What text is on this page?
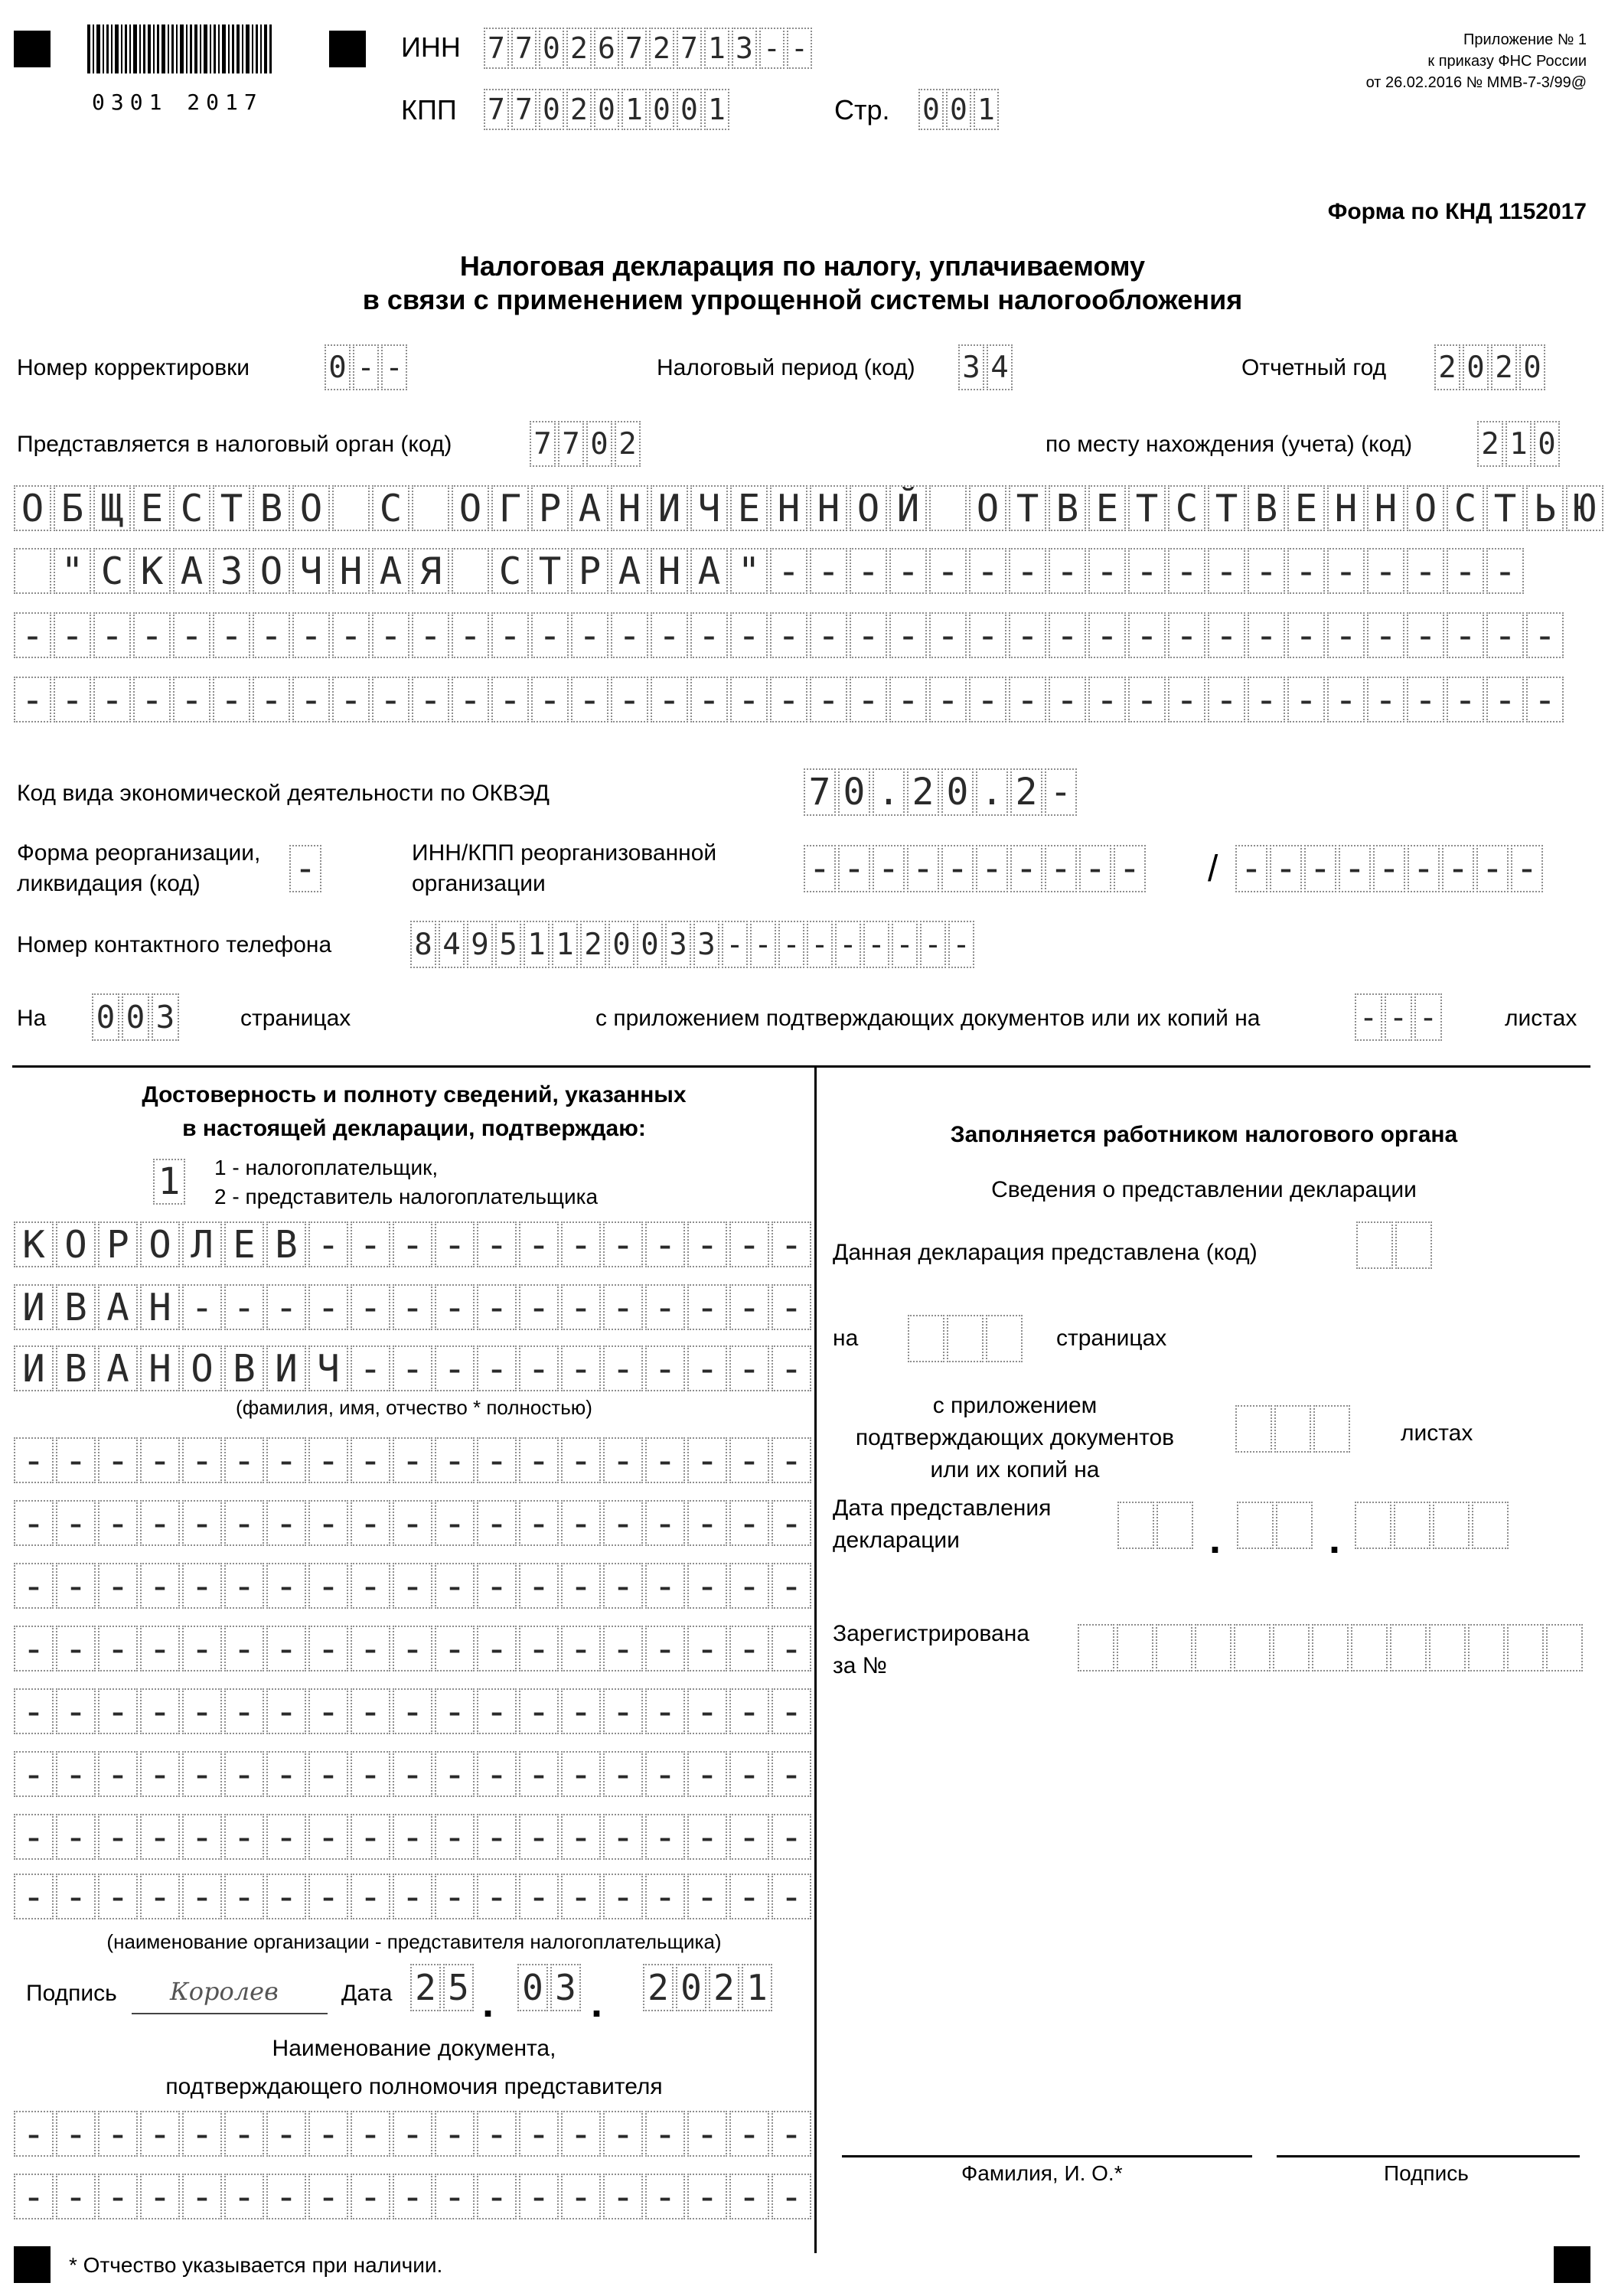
0301 2017
ИНН 7 7 0 2 6 7 2 7 1 3 - -
КПП 7 7 0 2 0 1 0 0 1	Стр. 0 0 1
Приложение № 1
к приказу ФНС России
от 26.02.2016 № ММВ-7-3/99@
Форма по КНД 1152017
Налоговая декларация по налогу, уплачиваемому
в связи с применением упрощенной системы налогообложения
Номер корректировки	0 - -	Налоговый период (код) 3 4	Отчетный год 2 0 2 0
Представляется в налоговый орган (код)	7 7 0 2	по месту нахождения (учета) (код) 2 1 0
О Б Щ Е С Т В О С О Г Р А Н И Ч Е Н Н О Й О Т В Е Т С Т В Е Н Н О С Т Ь Ю
" С К А З О Ч Н А Я С Т Р А Н А " - - - - - - - - - - - - - - - - - - -
- - - - - - - - - - - - - - - - - - - - - - - - - - - - - - - - - - - - - - -
- - - - - - - - - - - - - - - - - - - - - - - - - - - - - - - - - - - - - - -
Код вида экономической деятельности по ОКВЭД	7 0 . 2 0 . 2 -
Форма реорганизации,
ликвидация (код)	-	ИНН/КПП реорганизованной
организации	- - - - - - - - - - / - - - - - - - - -
Номер контактного телефона	8 4 9 5 1 1 2 0 0 3 3 - - - - - - - - -
На 0 0 3	страницах	с приложением подтверждающих документов или их копий на	- - -	листах
Достоверность и полноту сведений, указанных
в настоящей декларации, подтверждаю:
1 1 - налогоплательщик,
2 - представитель налогоплательщика
К О Р О Л Е В - - - - - - - - - - - -
И В А Н - - - - - - - - - - - - - - -
И В А Н О В И Ч - - - - - - - - - - -
(фамилия, имя, отчество * полностью)
- - - - - - - - - - - - - - - - - - -
- - - - - - - - - - - - - - - - - - -
- - - - - - - - - - - - - - - - - - -
- - - - - - - - - - - - - - - - - - -
- - - - - - - - - - - - - - - - - - -
- - - - - - - - - - - - - - - - - - -
- - - - - - - - - - - - - - - - - - -
- - - - - - - - - - - - - - - - - - -
(наименование организации - представителя налогоплательщика)
Подпись Королев	Дата 2 5 . 0 3 . 2 0 2 1
Наименование документа,
подтверждающего полномочия представителя
- - - - - - - - - - - - - - - - - - -
- - - - - - - - - - - - - - - - - - -
* Отчество указывается при наличии.
Заполняется работником налогового органа
Сведения о представлении декларации
Данная декларация представлена (код)
на	страницах
с приложением
подтверждающих документов
или их копий на
листах
Дата представления
декларации	.	.
Зарегистрирована
за №
Фамилия, И. О.*	Подпись
